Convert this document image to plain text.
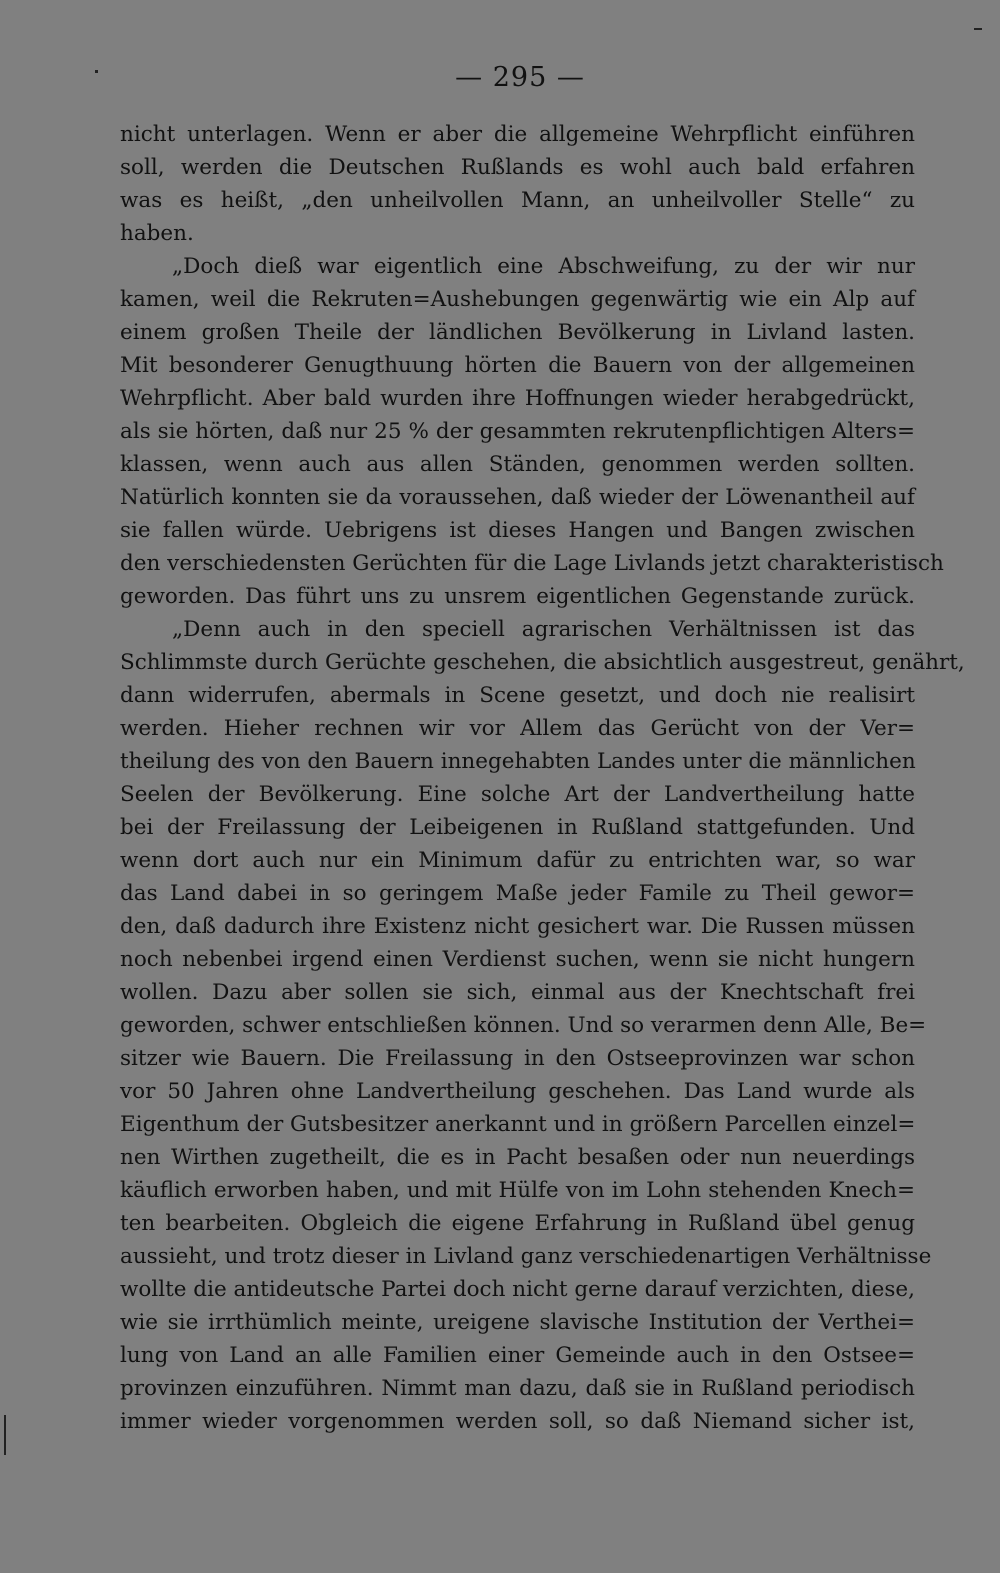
— 295 —
nicht unterlagen. Wenn er aber die allgemeine Wehrpflicht einführen
soll, werden die Deutschen Rußlands es wohl auch bald erfahren
was es heißt, „den unheilvollen Mann, an unheilvoller Stelle“ zu
haben.
„Doch dieß war eigentlich eine Abschweifung, zu der wir nur
kamen, weil die Rekruten=Aushebungen gegenwärtig wie ein Alp auf
einem großen Theile der ländlichen Bevölkerung in Livland lasten.
Mit besonderer Genugthuung hörten die Bauern von der allgemeinen
Wehrpflicht. Aber bald wurden ihre Hoffnungen wieder herabgedrückt,
als sie hörten, daß nur 25 % der gesammten rekrutenpflichtigen Alters=
klassen, wenn auch aus allen Ständen, genommen werden sollten.
Natürlich konnten sie da voraussehen, daß wieder der Löwenantheil auf
sie fallen würde. Uebrigens ist dieses Hangen und Bangen zwischen
den verschiedensten Gerüchten für die Lage Livlands jetzt charakteristisch
geworden. Das führt uns zu unsrem eigentlichen Gegenstande zurück.
„Denn auch in den speciell agrarischen Verhältnissen ist das
Schlimmste durch Gerüchte geschehen, die absichtlich ausgestreut, genährt,
dann widerrufen, abermals in Scene gesetzt, und doch nie realisirt
werden. Hieher rechnen wir vor Allem das Gerücht von der Ver=
theilung des von den Bauern innegehabten Landes unter die männlichen
Seelen der Bevölkerung. Eine solche Art der Landvertheilung hatte
bei der Freilassung der Leibeigenen in Rußland stattgefunden. Und
wenn dort auch nur ein Minimum dafür zu entrichten war, so war
das Land dabei in so geringem Maße jeder Famile zu Theil gewor=
den, daß dadurch ihre Existenz nicht gesichert war. Die Russen müssen
noch nebenbei irgend einen Verdienst suchen, wenn sie nicht hungern
wollen. Dazu aber sollen sie sich, einmal aus der Knechtschaft frei
geworden, schwer entschließen können. Und so verarmen denn Alle, Be=
sitzer wie Bauern. Die Freilassung in den Ostseeprovinzen war schon
vor 50 Jahren ohne Landvertheilung geschehen. Das Land wurde als
Eigenthum der Gutsbesitzer anerkannt und in größern Parcellen einzel=
nen Wirthen zugetheilt, die es in Pacht besaßen oder nun neuerdings
käuflich erworben haben, und mit Hülfe von im Lohn stehenden Knech=
ten bearbeiten. Obgleich die eigene Erfahrung in Rußland übel genug
aussieht, und trotz dieser in Livland ganz verschiedenartigen Verhältnisse
wollte die antideutsche Partei doch nicht gerne darauf verzichten, diese,
wie sie irrthümlich meinte, ureigene slavische Institution der Verthei=
lung von Land an alle Familien einer Gemeinde auch in den Ostsee=
provinzen einzuführen. Nimmt man dazu, daß sie in Rußland periodisch
immer wieder vorgenommen werden soll, so daß Niemand sicher ist,
